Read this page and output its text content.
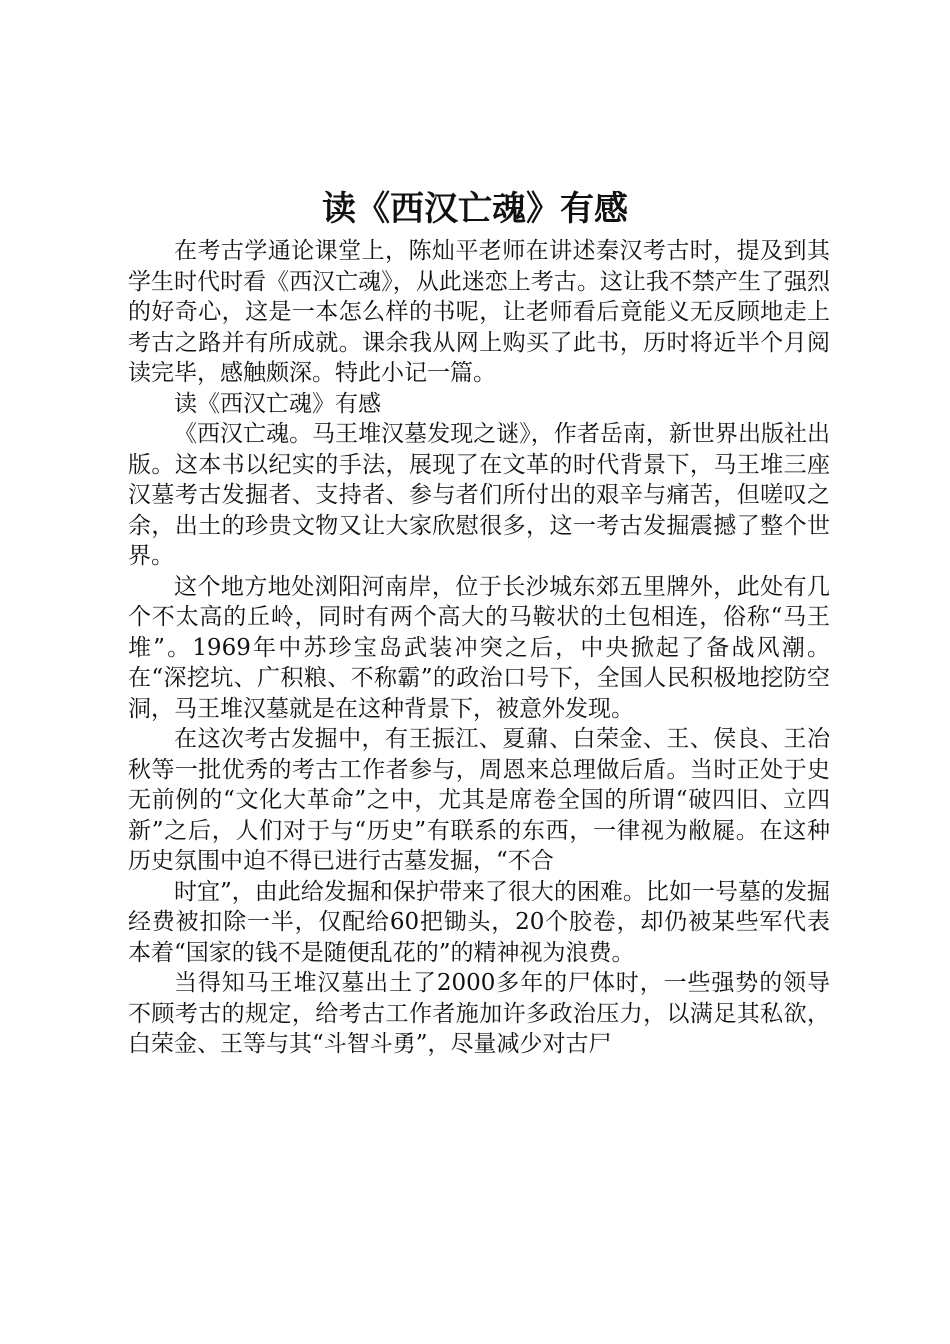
读《西汉亡魂》有感

在考古学通论课堂上，陈灿平老师在讲述秦汉考古时，提及到其学生时代时看《西汉亡魂》，从此迷恋上考古。这让我不禁产生了强烈的好奇心，这是一本怎么样的书呢，让老师看后竟能义无反顾地走上考古之路并有所成就。课余我从网上购买了此书，历时将近半个月阅读完毕，感触颇深。特此小记一篇。

读《西汉亡魂》有感

《西汉亡魂。马王堆汉墓发现之谜》，作者岳南，新世界出版社出版。这本书以纪实的手法，展现了在文革的时代背景下，马王堆三座汉墓考古发掘者、支持者、参与者们所付出的艰辛与痛苦，但嗟叹之余，出土的珍贵文物又让大家欣慰很多，这一考古发掘震撼了整个世界。

这个地方地处浏阳河南岸，位于长沙城东郊五里牌外，此处有几个不太高的丘岭，同时有两个高大的马鞍状的土包相连，俗称“马王堆”。1969年中苏珍宝岛武装冲突之后，中央掀起了备战风潮。在“深挖坑、广积粮、不称霸”的政治口号下，全国人民积极地挖防空洞，马王堆汉墓就是在这种背景下，被意外发现。

在这次考古发掘中，有王振江、夏鼐、白荣金、王、侯良、王冶秋等一批优秀的考古工作者参与，周恩来总理做后盾。当时正处于史无前例的“文化大革命”之中，尤其是席卷全国的所谓“破四旧、立四新”之后，人们对于与“历史”有联系的东西，一律视为敝屣。在这种历史氛围中迫不得已进行古墓发掘，“不合

时宜”，由此给发掘和保护带来了很大的困难。比如一号墓的发掘经费被扣除一半，仅配给60把锄头，20个胶卷，却仍被某些军代表本着“国家的钱不是随便乱花的”的精神视为浪费。

当得知马王堆汉墓出土了2000多年的尸体时，一些强势的领导不顾考古的规定，给考古工作者施加许多政治压力，以满足其私欲，白荣金、王等与其“斗智斗勇”，尽量减少对古尸
